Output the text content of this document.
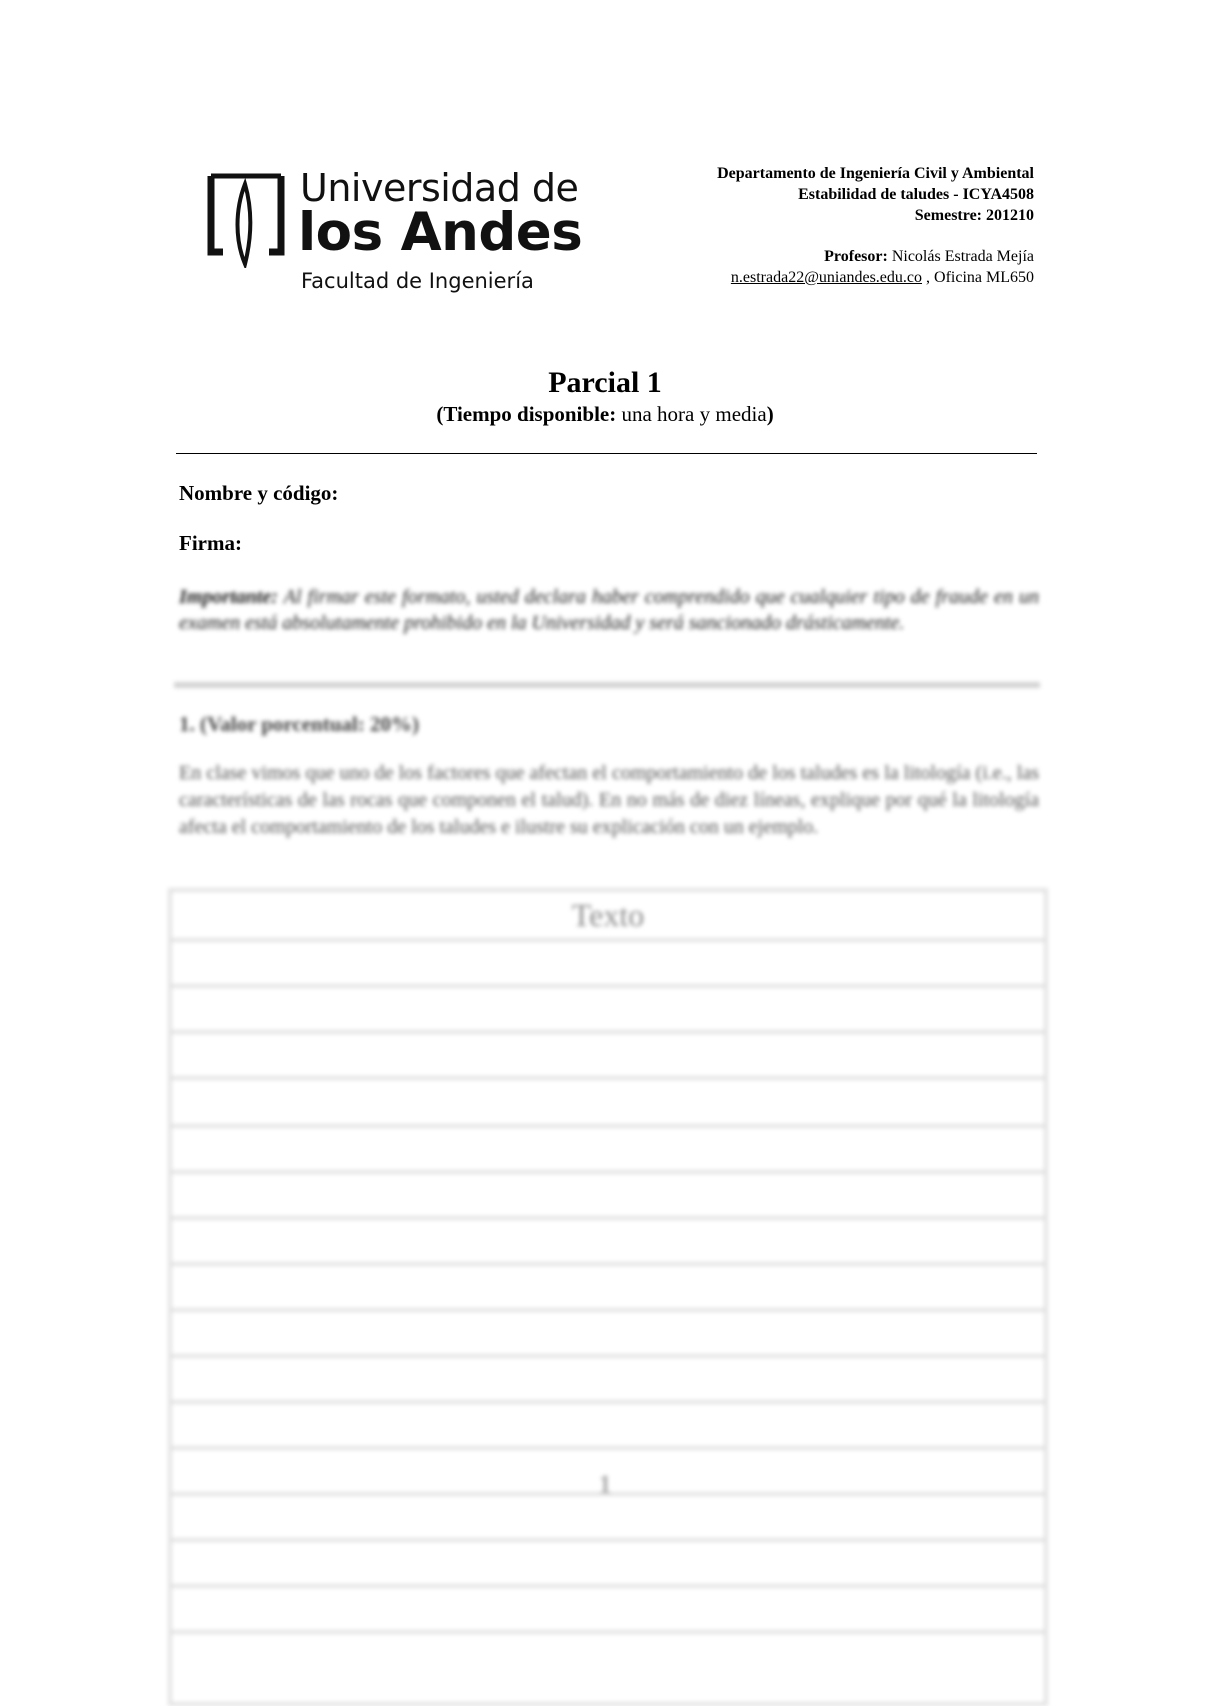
Universidad de
los Andes
Facultad de Ingeniería
Departamento de Ingeniería Civil y Ambiental
Estabilidad de taludes - ICYA4508
Semestre: 201210
Profesor: Nicolás Estrada Mejía
n.estrada22@uniandes.edu.co , Oficina ML650
Parcial 1
(Tiempo disponible: una hora y media)
Nombre y código:
Firma:
Importante: Al firmar este formato, usted declara haber comprendido que cualquier tipo de fraude en un examen está absolutamente prohibido en la Universidad y será sancionado drásticamente.
1. (Valor porcentual: 20%)
En clase vimos que uno de los factores que afectan el comportamiento de los taludes es la litología (i.e., las características de las rocas que componen el talud). En no más de diez líneas, explique por qué la litología afecta el comportamiento de los taludes e ilustre su explicación con un ejemplo.
Texto
1
